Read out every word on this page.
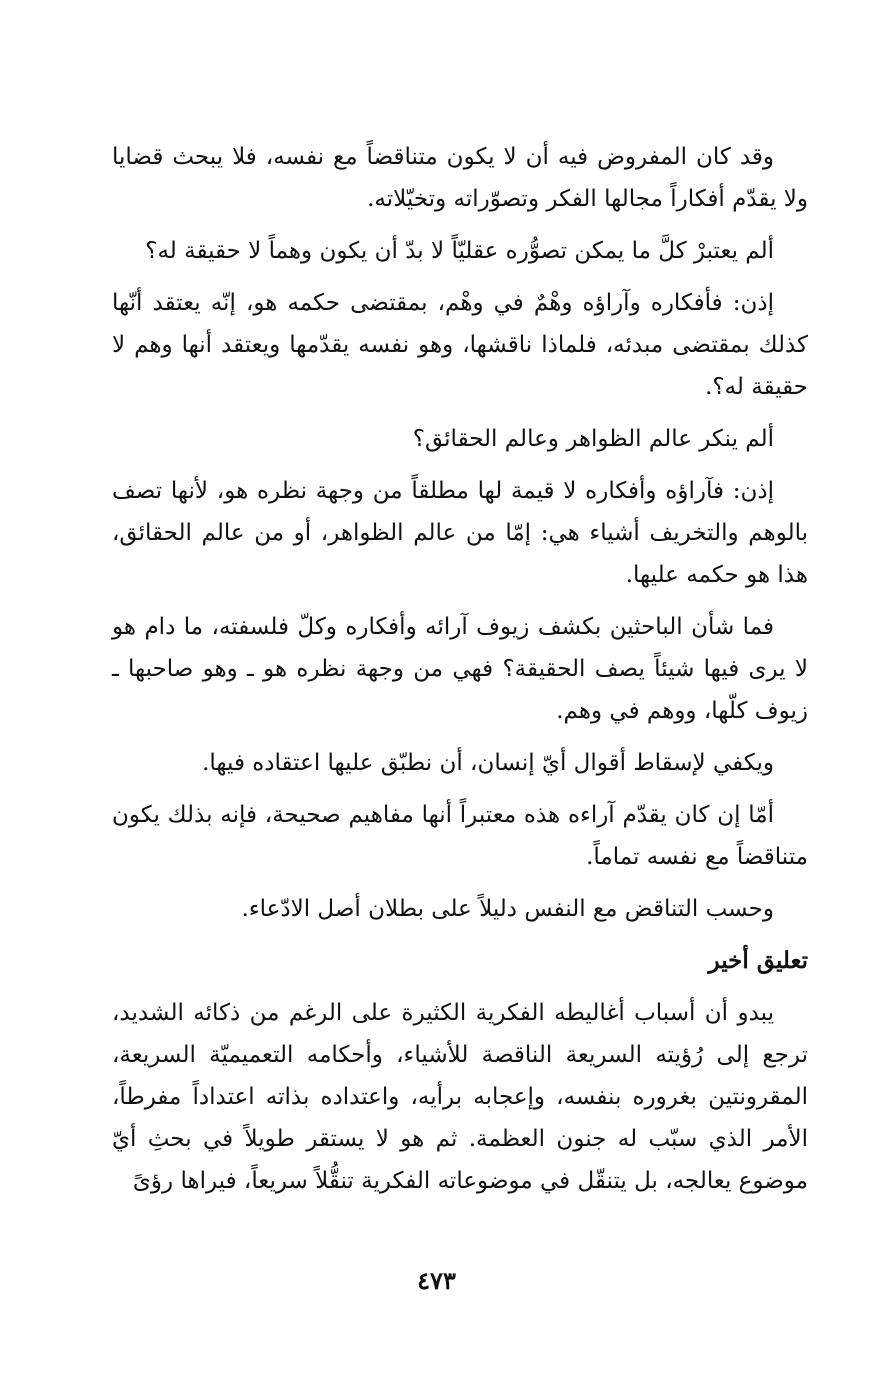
وقد كان المفروض فيه أن لا يكون متناقضاً مع نفسه، فلا يبحث قضايا ولا يقدّم أفكاراً مجالها الفكر وتصوّراته وتخيّلاته.

ألم يعتبرْ كلَّ ما يمكن تصوُّره عقليّاً لا بدّ أن يكون وهماً لا حقيقة له؟

إذن: فأفكاره وآراؤه وهْمٌ في وهْم، بمقتضى حكمه هو، إنّه يعتقد أنّها كذلك بمقتضى مبدئه، فلماذا ناقشها، وهو نفسه يقدّمها ويعتقد أنها وهم لا حقيقة له؟.

ألم ينكر عالم الظواهر وعالم الحقائق؟

إذن: فآراؤه وأفكاره لا قيمة لها مطلقاً من وجهة نظره هو، لأنها تصف بالوهم والتخريف أشياء هي: إمّا من عالم الظواهر، أو من عالم الحقائق، هذا هو حكمه عليها.

فما شأن الباحثين بكشف زيوف آرائه وأفكاره وكلّ فلسفته، ما دام هو لا يرى فيها شيئاً يصف الحقيقة؟ فهي من وجهة نظره هو ـ وهو صاحبها ـ زيوف كلّها، ووهم في وهم.

ويكفي لإسقاط أقوال أيّ إنسان، أن نطبّق عليها اعتقاده فيها.

أمّا إن كان يقدّم آراءه هذه معتبراً أنها مفاهيم صحيحة، فإنه بذلك يكون متناقضاً مع نفسه تماماً.

وحسب التناقض مع النفس دليلاً على بطلان أصل الادّعاء.

تعليق أخير

يبدو أن أسباب أغاليطه الفكرية الكثيرة على الرغم من ذكائه الشديد، ترجع إلى رُؤيته السريعة الناقصة للأشياء، وأحكامه التعميميّة السريعة، المقرونتين بغروره بنفسه، وإعجابه برأيه، واعتداده بذاته اعتداداً مفرطاً، الأمر الذي سبّب له جنون العظمة. ثم هو لا يستقر طويلاً في بحثِ أيّ موضوع يعالجه، بل يتنقّل في موضوعاته الفكرية تنقُّلاً سريعاً، فيراها رؤىً

٤٧٣
